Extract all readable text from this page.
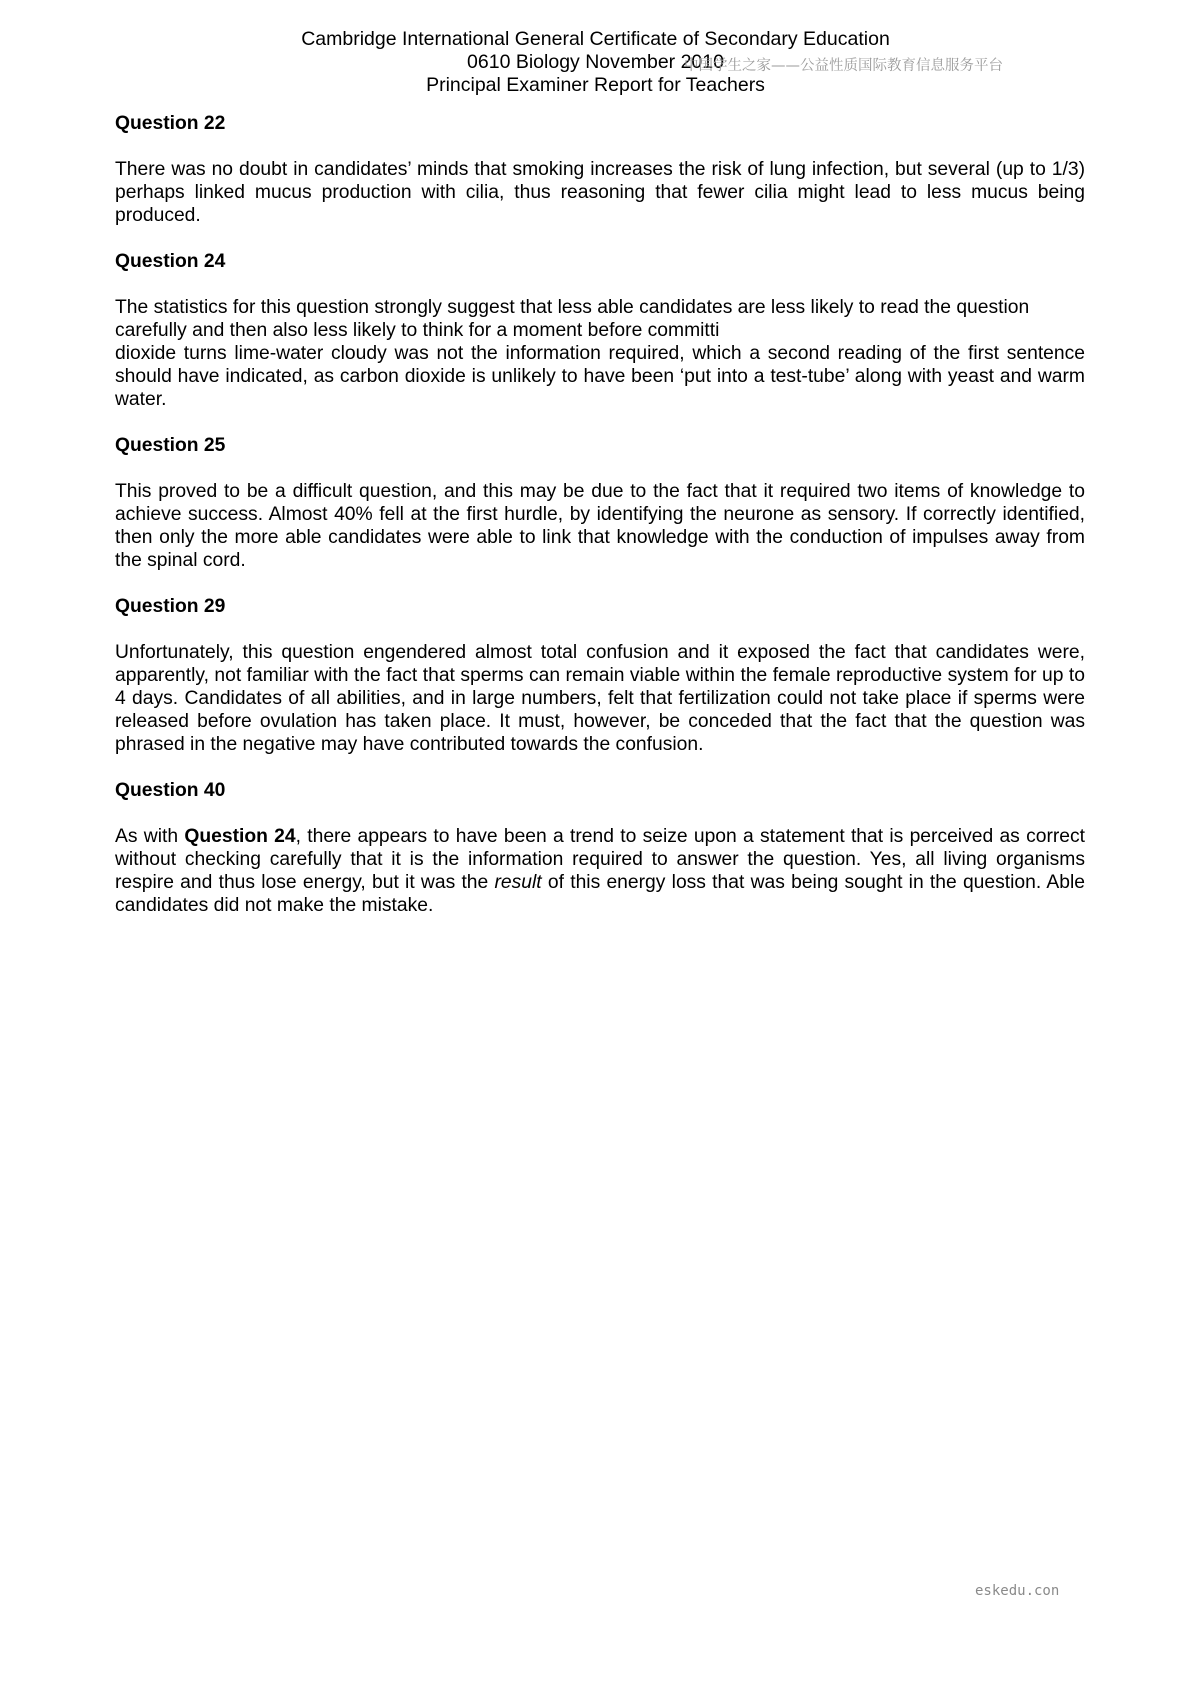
Cambridge International General Certificate of Secondary Education
0610 Biology November 2010
Principal Examiner Report for Teachers
中国学生之家——公益性质国际教育信息服务平台

Question 22

There was no doubt in candidates’ minds that smoking increases the risk of lung infection, but several (up to 1/3) perhaps linked mucus production with cilia, thus reasoning that fewer cilia might lead to less mucus being produced.

Question 24

The statistics for this question strongly suggest that less able candidates are less likely to read the question carefully and then also less likely to think for a moment before committi
dioxide turns lime-water cloudy was not the information required, which a second reading of the first sentence should have indicated, as carbon dioxide is unlikely to have been ‘put into a test-tube’ along with yeast and warm water.

Question 25

This proved to be a difficult question, and this may be due to the fact that it required two items of knowledge to achieve success. Almost 40% fell at the first hurdle, by identifying the neurone as sensory. If correctly identified, then only the more able candidates were able to link that knowledge with the conduction of impulses away from the spinal cord.

Question 29

Unfortunately, this question engendered almost total confusion and it exposed the fact that candidates were, apparently, not familiar with the fact that sperms can remain viable within the female reproductive system for up to 4 days. Candidates of all abilities, and in large numbers, felt that fertilization could not take place if sperms were released before ovulation has taken place. It must, however, be conceded that the fact that the question was phrased in the negative may have contributed towards the confusion.

Question 40

As with Question 24, there appears to have been a trend to seize upon a statement that is perceived as correct without checking carefully that it is the information required to answer the question. Yes, all living organisms respire and thus lose energy, but it was the result of this energy loss that was being sought in the question. Able candidates did not make the mistake.

eskedu.con
